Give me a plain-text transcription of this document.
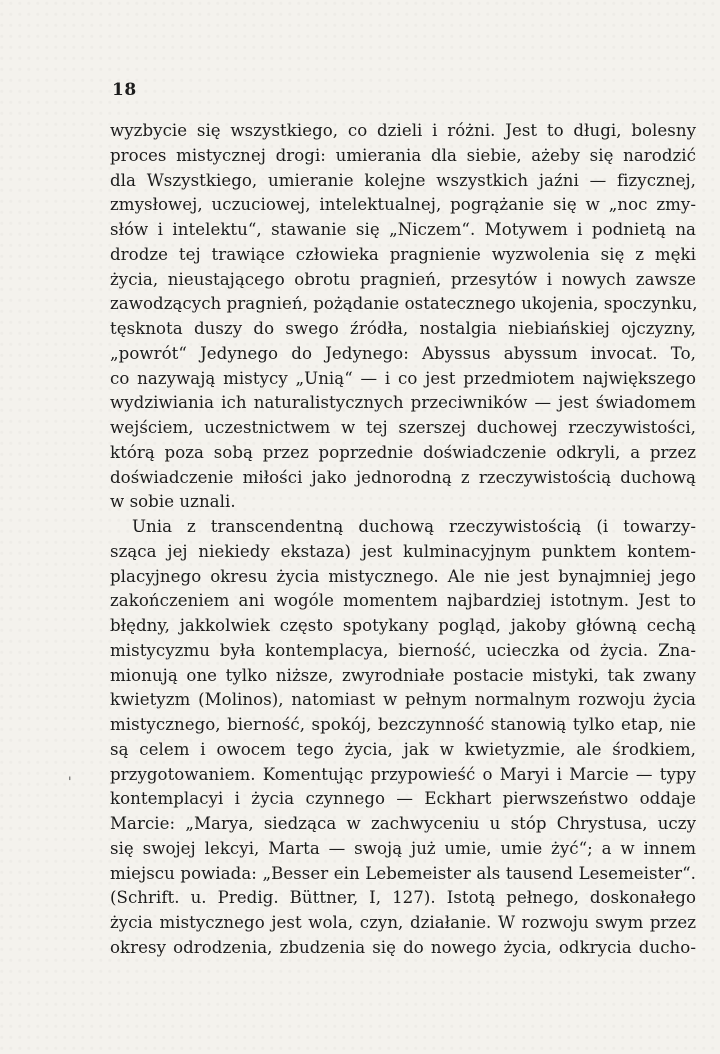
18
'
wyzbycie się wszystkiego, co dzieli i różni. Jest to długi, bolesny
proces mistycznej drogi: umierania dla siebie, ażeby się narodzić
dla Wszystkiego, umieranie kolejne wszystkich jaźni — fizycznej,
zmysłowej, uczuciowej, intelektualnej, pogrążanie się w „noc zmy-
słów i intelektu“, stawanie się „Niczem“. Motywem i podnietą na
drodze tej trawiące człowieka pragnienie wyzwolenia się z męki
życia, nieustającego obrotu pragnień, przesytów i nowych zawsze
zawodzących pragnień, pożądanie ostatecznego ukojenia, spoczynku,
tęsknota duszy do swego źródła, nostalgia niebiańskiej ojczyzny,
„powrót“ Jedynego do Jedynego: Abyssus abyssum invocat. To,
co nazywają mistycy „Unią“ — i co jest przedmiotem największego
wydziwiania ich naturalistycznych przeciwników — jest świadomem
wejściem, uczestnictwem w tej szerszej duchowej rzeczywistości,
którą poza sobą przez poprzednie doświadczenie odkryli, a przez
doświadczenie miłości jako jednorodną z rzeczywistością duchową
w sobie uznali.
Unia z transcendentną duchową rzeczywistością (i towarzy-
sząca jej niekiedy ekstaza) jest kulminacyjnym punktem kontem-
placyjnego okresu życia mistycznego. Ale nie jest bynajmniej jego
zakończeniem ani wogóle momentem najbardziej istotnym. Jest to
błędny, jakkolwiek często spotykany pogląd, jakoby główną cechą
mistycyzmu była kontemplacya, bierność, ucieczka od życia. Zna-
mionują one tylko niższe, zwyrodniałe postacie mistyki, tak zwany
kwietyzm (Molinos), natomiast w pełnym normalnym rozwoju życia
mistycznego, bierność, spokój, bezczynność stanowią tylko etap, nie
są celem i owocem tego życia, jak w kwietyzmie, ale środkiem,
przygotowaniem. Komentując przypowieść o Maryi i Marcie — typy
kontemplacyi i życia czynnego — Eckhart pierwszeństwo oddaje
Marcie: „Marya, siedząca w zachwyceniu u stóp Chrystusa, uczy
się swojej lekcyi, Marta — swoją już umie, umie żyć“; a w innem
miejscu powiada: „Besser ein Lebemeister als tausend Lesemeister“.
(Schrift. u. Predig. Büttner, I, 127). Istotą pełnego, doskonałego
życia mistycznego jest wola, czyn, działanie. W rozwoju swym przez
okresy odrodzenia, zbudzenia się do nowego życia, odkrycia ducho-
